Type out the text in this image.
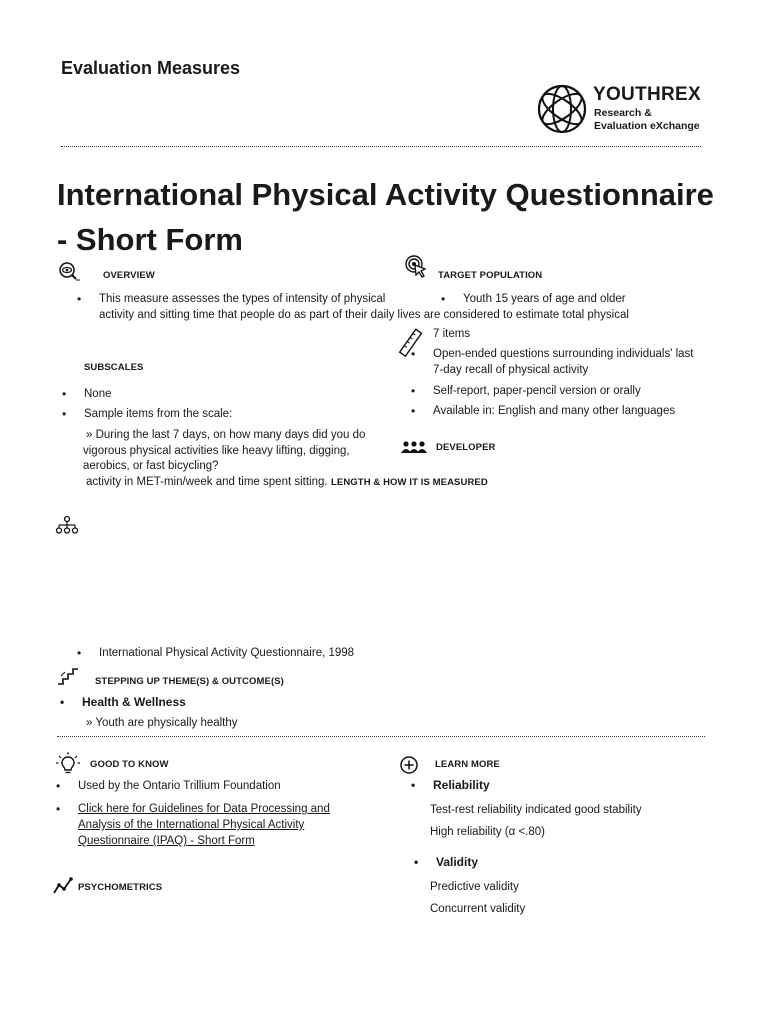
Evaluation Measures
YOUTHREX
Research &
Evaluation eXchange
International Physical Activity Questionnaire
- Short Form
OVERVIEW
• This measure assesses the types of intensity of physical
activity and sitting time that people do as part of their daily lives are considered to estimate total physical
activity in MET-min/week and time spent sitting.
TARGET POPULATION
• Youth 15 years of age and older
7 items
• Open-ended questions surrounding individuals' last
7-day recall of physical activity
• Self-report, paper-pencil version or orally
• Available in: English and many other languages
LENGTH & HOW IT IS MEASURED
SUBSCALES
• None
• Sample items from the scale:
» During the last 7 days, on how many days did you do
vigorous physical activities like heavy lifting, digging,
aerobics, or fast bicycling?
DEVELOPER
• International Physical Activity Questionnaire, 1998
STEPPING UP THEME(S) & OUTCOME(S)
• Health & Wellness
» Youth are physically healthy
GOOD TO KNOW
• Used by the Ontario Trillium Foundation
• Click here for Guidelines for Data Processing and
Analysis of the International Physical Activity
Questionnaire (IPAQ) - Short Form
PSYCHOMETRICS
LEARN MORE
• Reliability
Test-rest reliability indicated good stability
High reliability (α <.80)
• Validity
Predictive validity
Concurrent validity
